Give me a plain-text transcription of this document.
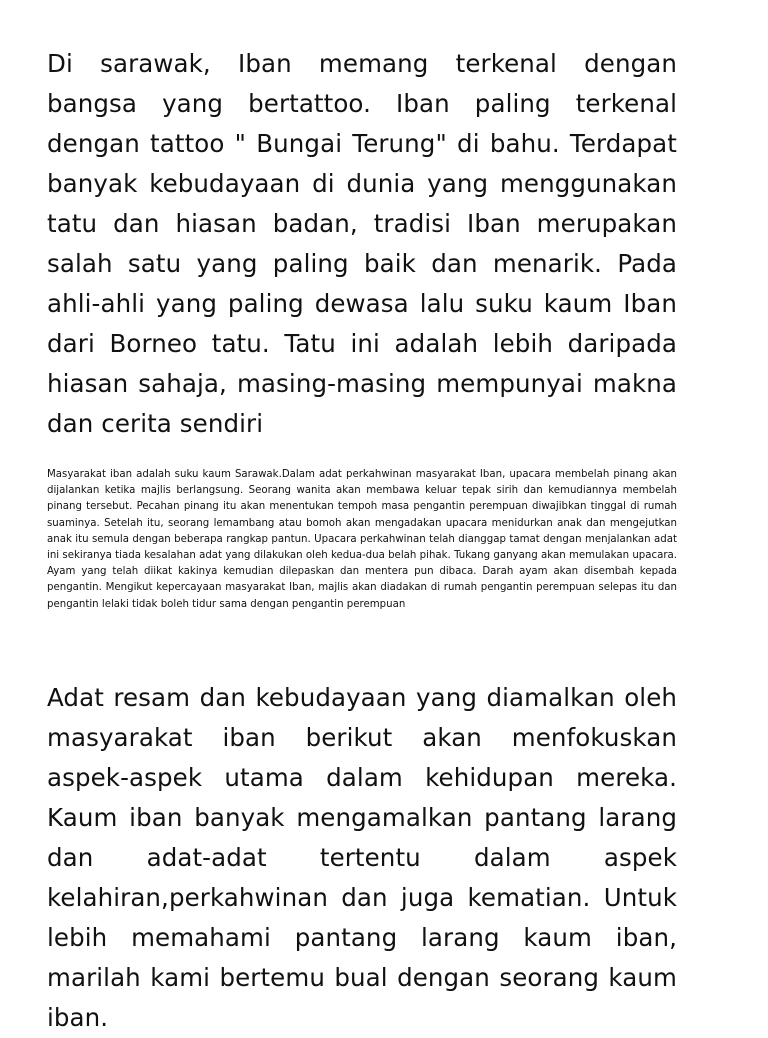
Di sarawak, Iban memang terkenal dengan bangsa yang bertattoo. Iban paling terkenal dengan tattoo " Bungai Terung" di bahu. Terdapat banyak kebudayaan di dunia yang menggunakan tatu dan hiasan badan, tradisi Iban merupakan salah satu yang paling baik dan menarik. Pada ahli-ahli yang paling dewasa lalu suku kaum Iban dari Borneo tatu. Tatu ini adalah lebih daripada hiasan sahaja, masing-masing mempunyai makna dan cerita sendiri

Masyarakat iban adalah suku kaum Sarawak.Dalam adat perkahwinan masyarakat Iban, upacara membelah pinang akan dijalankan ketika majlis berlangsung. Seorang wanita akan membawa keluar tepak sirih dan kemudiannya membelah pinang tersebut. Pecahan pinang itu akan menentukan tempoh masa pengantin perempuan diwajibkan tinggal di rumah suaminya. Setelah itu, seorang lemambang atau bomoh akan mengadakan upacara menidurkan anak dan mengejutkan anak itu semula dengan beberapa rangkap pantun. Upacara perkahwinan telah dianggap tamat dengan menjalankan adat ini sekiranya tiada kesalahan adat yang dilakukan oleh kedua-dua belah pihak. Tukang ganyang akan memulakan upacara. Ayam yang telah diikat kakinya kemudian dilepaskan dan mentera pun dibaca. Darah ayam akan disembah kepada pengantin. Mengikut kepercayaan masyarakat Iban, majlis akan diadakan di rumah pengantin perempuan selepas itu dan pengantin lelaki tidak boleh tidur sama dengan pengantin perempuan

Adat resam dan kebudayaan yang diamalkan oleh masyarakat iban berikut akan menfokuskan aspek-aspek utama dalam kehidupan mereka. Kaum iban banyak mengamalkan pantang larang dan adat-adat tertentu dalam aspek kelahiran,perkahwinan dan juga kematian. Untuk lebih memahami pantang larang kaum iban, marilah kami bertemu bual dengan seorang kaum iban.
